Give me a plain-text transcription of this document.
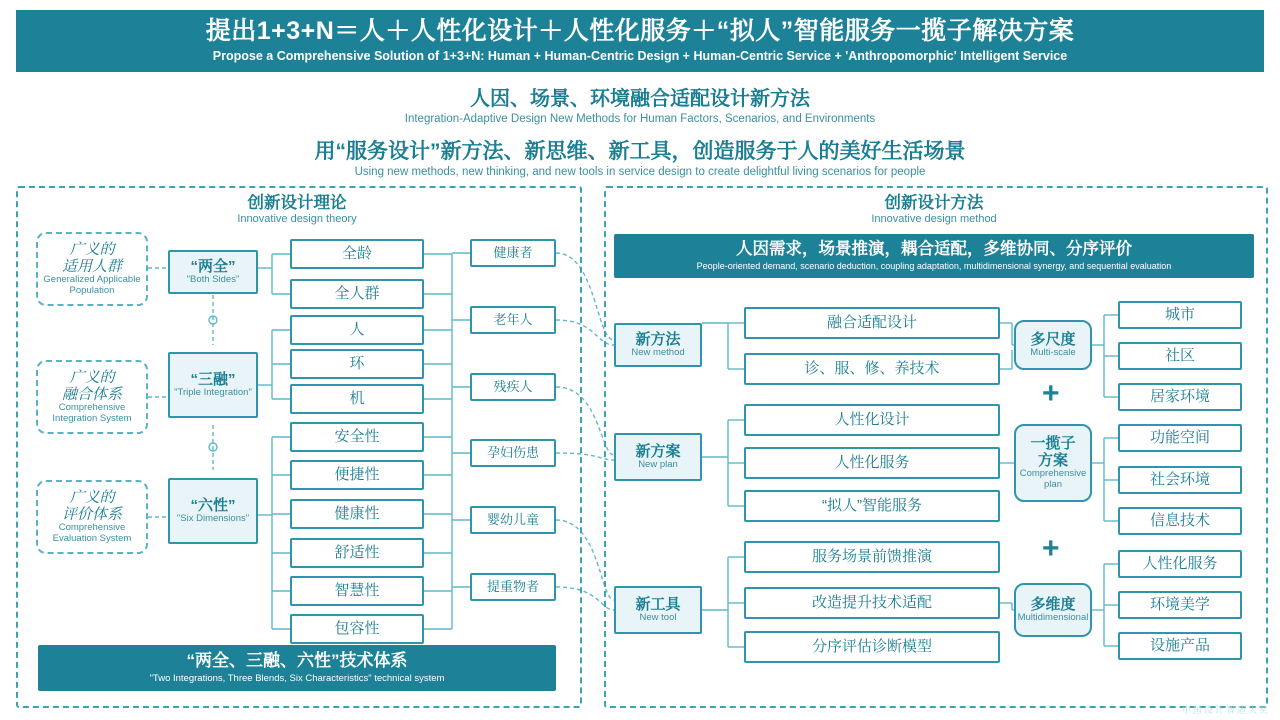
提出1+3+N＝人＋人性化设计＋人性化服务＋“拟人”智能服务一揽子解决方案
Propose a Comprehensive Solution of 1+3+N: Human + Human-Centric Design + Human-Centric Service + 'Anthropomorphic' Intelligent Service
人因、场景、环境融合适配设计新方法
Integration-Adaptive Design New Methods for Human Factors, Scenarios, and Environments
用“服务设计”新方法、新思维、新工具，创造服务于人的美好生活场景
Using new methods, new thinking, and new tools in service design to create delightful living scenarios for people
创新设计理论
Innovative design theory
广义的
适用人群
Generalized Applicable Population
广义的
融合体系
Comprehensive Integration System
广义的
评价体系
Comprehensive Evaluation System
“两全”
"Both Sides"
“三融”
"Triple Integration"
“六性”
"Six Dimensions"
全龄
全人群
人
环
机
安全性
便捷性
健康性
舒适性
智慧性
包容性
健康者
老年人
残疾人
孕妇伤患
婴幼儿童
提重物者
“两全、三融、六性”技术体系
"Two Integrations, Three Blends, Six Characteristics" technical system
创新设计方法
Innovative design method
人因需求，场景推演，耦合适配，多维协同、分序评价
People-oriented demand, scenario deduction, coupling adaptation, multidimensional synergy, and sequential evaluation
新方法
New method
新方案
New plan
新工具
New tool
融合适配设计
诊、服、修、养技术
人性化设计
人性化服务
“拟人”智能服务
服务场景前馈推演
改造提升技术适配
分序评估诊断模型
多尺度
Multi-scale
一揽子
方案
Comprehensive plan
多维度
Multidimensional
+
+
城市
社区
居家环境
功能空间
社会环境
信息技术
人性化服务
环境美学
设施产品
中国设计智造大奖
